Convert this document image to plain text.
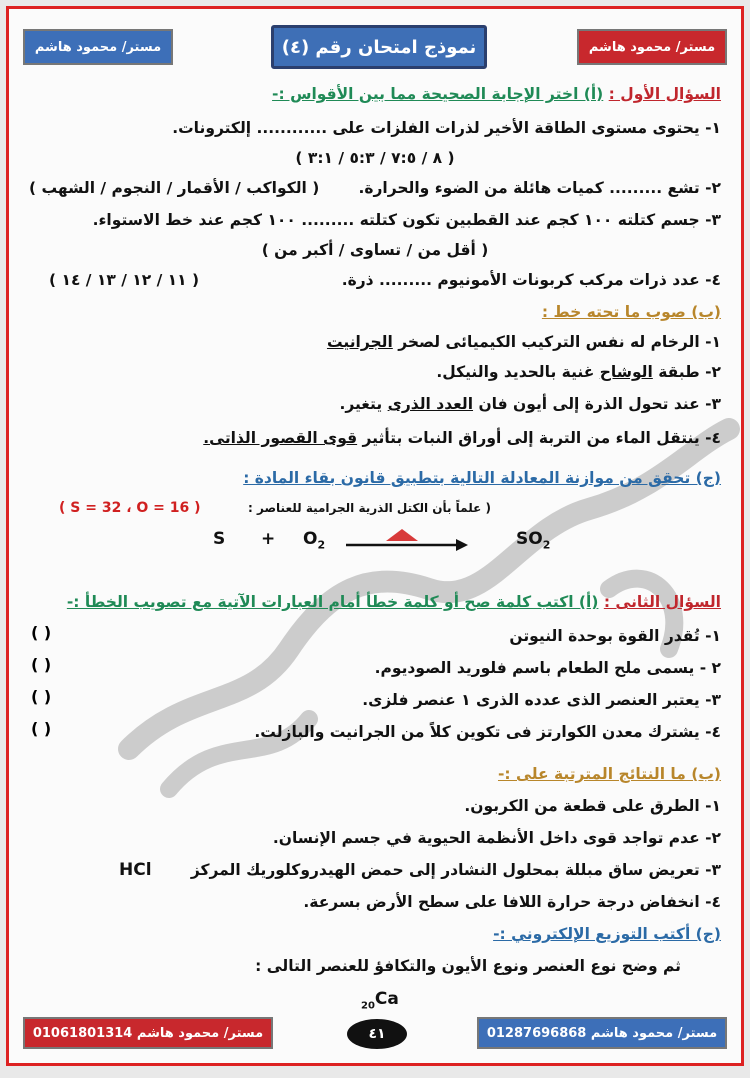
مستر/ محمود هاشم
نموذج امتحان رقم (٤)
مستر/ محمود هاشم
السؤال الأول : (أ) اختر الإجابة الصحيحة مما بين الأقواس :-
١- يحتوى مستوى الطاقة الأخير لذرات الفلزات على ............ إلكترونات.
( ٨ / ٧:٥ / ٥:٣ / ٣:١ )
٢- تشع ......... كميات هائلة من الضوء والحرارة.
( الكواكب / الأقمار / النجوم / الشهب )
٣- جسم كتلته ١٠٠ كجم عند القطبين تكون كتلته ......... ١٠٠ كجم عند خط الاستواء.
( أقل من / تساوى / أكبر من )
٤- عدد ذرات مركب كربونات الأمونيوم ......... ذرة.
( ١١ / ١٢ / ١٣ / ١٤ )
(ب) صوب ما تحته خط :
١- الرخام له نفس التركيب الكيميائى لصخر الجرانيت
٢- طبقة الوشاح غنية بالحديد والنيكل.
٣- عند تحول الذرة إلى أيون فان العدد الذرى يتغير.
٤- ينتقل الماء من التربة إلى أوراق النبات بتأثير قوى القصور الذاتى.
(ج) تحقق من موازنة المعادلة التالية بتطبيق قانون بقاء المادة :
( علماً بأن الكتل الذرية الجرامية للعناصر :
( S = 32 ، O = 16 )
$S + O_2$	$SO_2$
السؤال الثانى : (أ) اكتب كلمة صح أو كلمة خطأ أمام العبارات الآتية مع تصويب الخطأ :-
١- تُقدر القوة بوحدة النيوتن
( )
٢ - يسمى ملح الطعام باسم فلوريد الصوديوم.
( )
٣- يعتبر العنصر الذى عدده الذرى ١ عنصر فلزى.
( )
٤- يشترك معدن الكوارتز فى تكوين كلاً من الجرانيت والبازلت.
( )
(ب) ما النتائج المترتبة على :-
١- الطرق على قطعة من الكربون.
٢- عدم تواجد قوى داخل الأنظمة الحيوية في جسم الإنسان.
٣- تعريض ساق مبللة بمحلول النشادر إلى حمض الهيدروكلوريك المركز
HCl
٤- انخفاض درجة حرارة اللافا على سطح الأرض بسرعة.
(ج) أكتب التوزيع الإلكتروني :-
ثم وضح نوع العنصر ونوع الأيون والتكافؤ للعنصر التالى :
$_{20}$Ca
مستر/ محمود هاشم 01061801314	٤١	مستر/ محمود هاشم 01287696868
